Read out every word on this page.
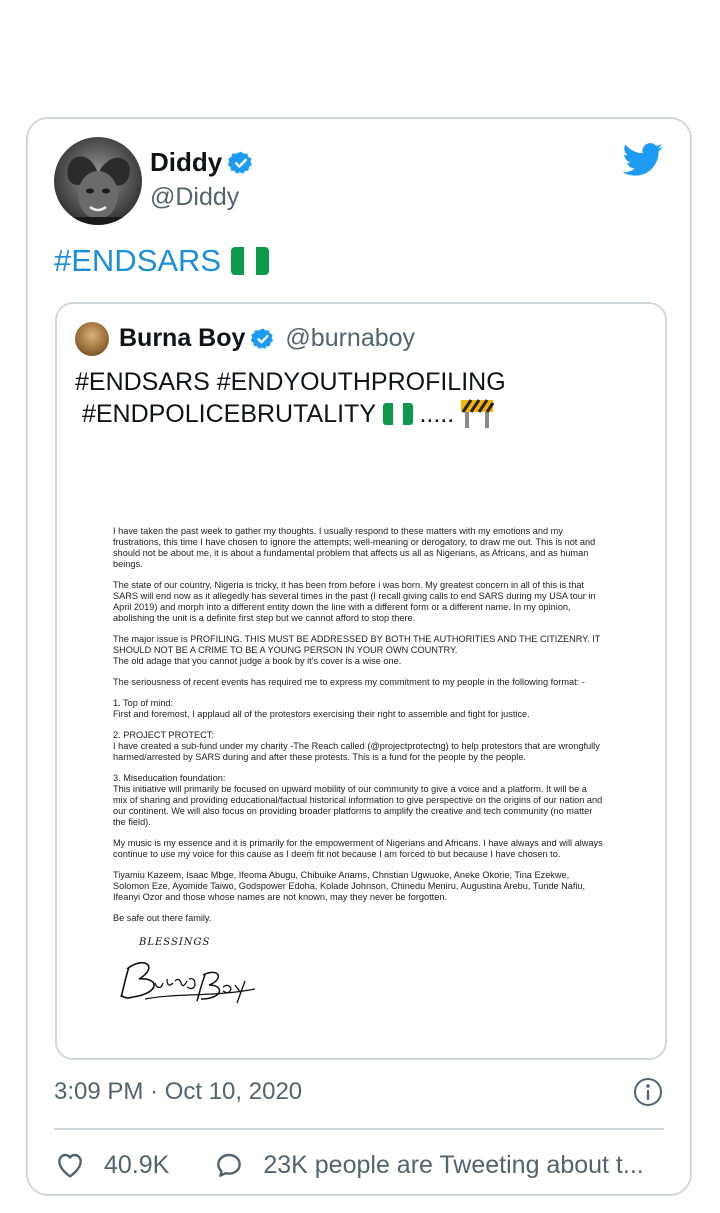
Diddy
@Diddy
#ENDSARS
Burna Boy @burnaboy
#ENDSARS #ENDYOUTHPROFILING
#ENDPOLICEBRUTALITY
.....

I have taken the past week to gather my thoughts. I usually respond to these matters with my emotions and my frustrations, this time I have chosen to ignore the attempts; well-meaning or derogatory, to draw me out. This is not and should not be about me, it is about a fundamental problem that affects us all as Nigerians, as Africans, and as human beings.

The state of our country, Nigeria is tricky, it has been from before i was born. My greatest concern in all of this is that SARS will end now as it allegedly has several times in the past (I recall giving calls to end SARS during my USA tour in April 2019) and morph into a different entity down the line with a different form or a different name. In my opinion, abolishing the unit is a definite first step but we cannot afford to stop there.

The major issue is PROFILING. THIS MUST BE ADDRESSED BY BOTH THE AUTHORITIES AND THE CITIZENRY. IT SHOULD NOT BE A CRIME TO BE A YOUNG PERSON IN YOUR OWN COUNTRY.
The old adage that you cannot judge a book by it's cover is a wise one.

The seriousness of recent events has required me to express my commitment to my people in the following format: -

1. Top of mind:
First and foremost, I applaud all of the protestors exercising their right to assemble and fight for justice.

2. PROJECT PROTECT:
I have created a sub-fund under my charity -The Reach called (@projectprotectng) to help protestors that are wrongfully harmed/arrested by SARS during and after these protests. This is a fund for the people by the people.

3. Miseducation foundation:
This initiative will primarily be focused on upward mobility of our community to give a voice and a platform. It will be a mix of sharing and providing educational/factual historical information to give perspective on the origins of our nation and our continent. We will also focus on providing broader platforms to amplify the creative and tech community (no matter the field).

My music is my essence and it is primarily for the empowerment of Nigerians and Africans. I have always and will always continue to use my voice for this cause as I deem fit not because I am forced to but because I have chosen to.

Tiyamiu Kazeem, Isaac Mbge, Ifeoma Abugu, Chibuike Anams, Christian Ugwuoke, Aneke Okorie, Tina Ezekwe, Solomon Eze, Ayomide Taiwo, Godspower Edoha, Kolade Johnson, Chinedu Meniru, Augustina Arebu, Tunde Nafiu, Ifeanyi Ozor and those whose names are not known, may they never be forgotten.

Be safe out there family.

BLESSINGS
3:09 PM · Oct 10, 2020
40.9K	23K people are Tweeting about t...
